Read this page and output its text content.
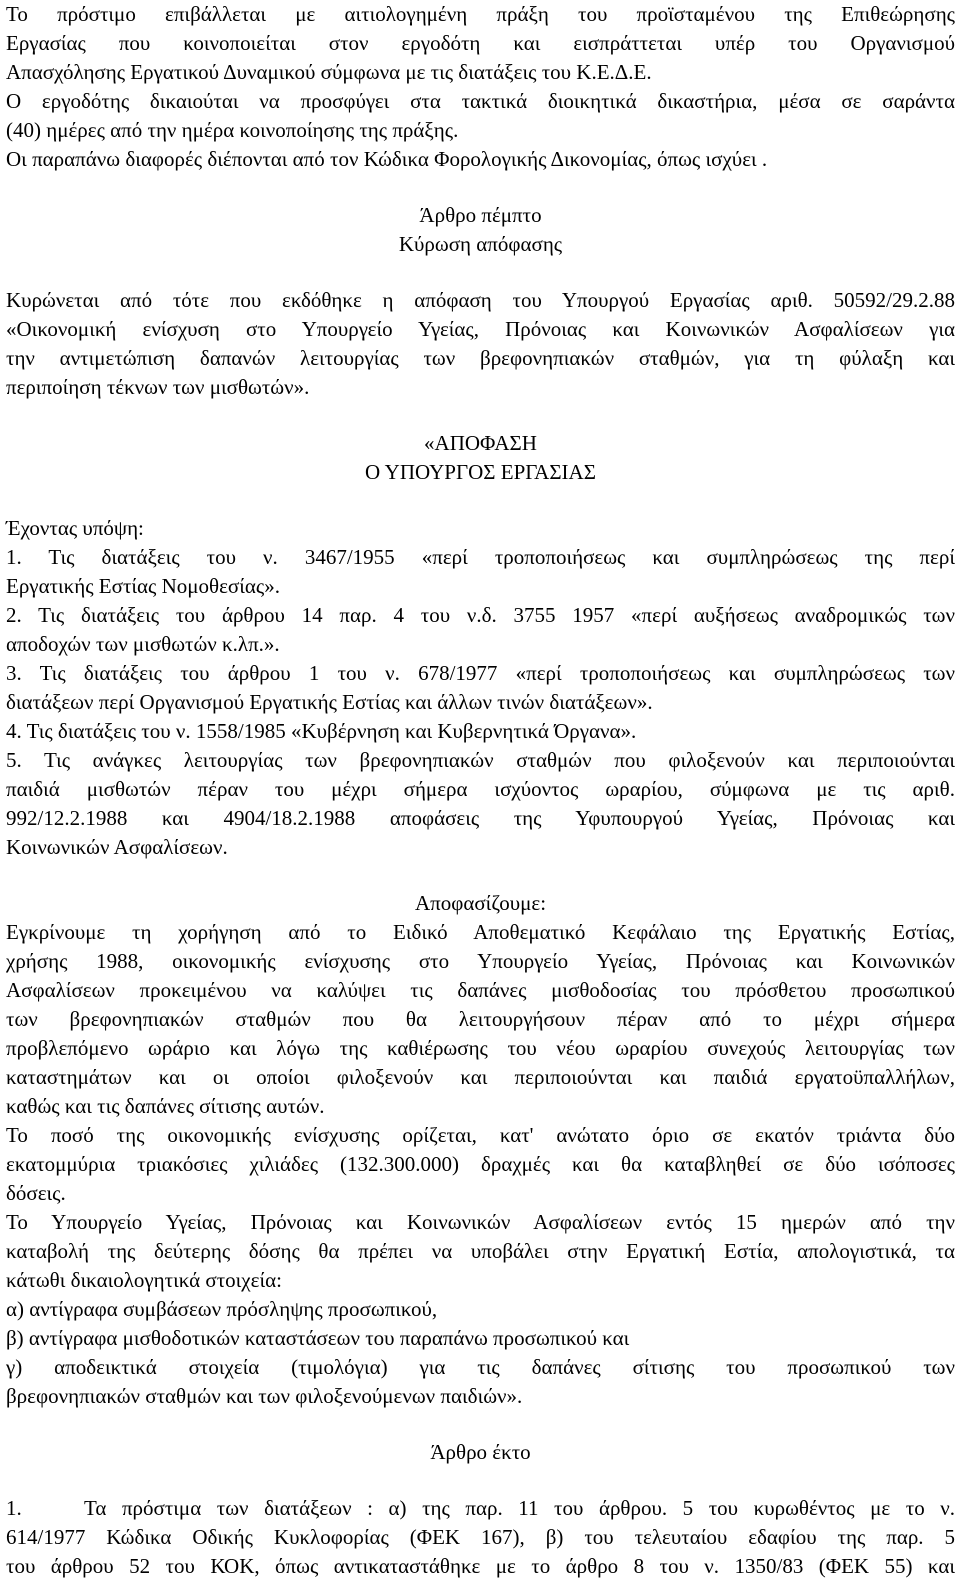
Το πρόστιμο επιβάλλεται με αιτιολογημένη πράξη του προϊσταμένου της Επιθεώρησης
Εργασίας που κοινοποιείται στον εργοδότη και εισπράττεται υπέρ του Οργανισμού
Απασχόλησης Εργατικού Δυναμικού σύμφωνα με τις διατάξεις του Κ.Ε.Δ.Ε.
Ο εργοδότης δικαιούται να προσφύγει στα τακτικά διοικητικά δικαστήρια, μέσα σε σαράντα
(40) ημέρες από την ημέρα κοινοποίησης της πράξης.
Οι παραπάνω διαφορές διέπονται από τον Κώδικα Φορολογικής Δικονομίας, όπως ισχύει .
Άρθρο πέμπτο
Κύρωση απόφασης
Κυρώνεται από τότε που εκδόθηκε η απόφαση του Υπουργού Εργασίας αριθ. 50592/29.2.88
«Οικονομική ενίσχυση στο Υπουργείο Υγείας, Πρόνοιας και Κοινωνικών Ασφαλίσεων για
την αντιμετώπιση δαπανών λειτουργίας των βρεφονηπιακών σταθμών, για τη φύλαξη και
περιποίηση τέκνων των μισθωτών».
«ΑΠΟΦΑΣΗ
Ο ΥΠΟΥΡΓΟΣ ΕΡΓΑΣΙΑΣ
Έχοντας υπόψη:
1. Τις διατάξεις του ν. 3467/1955 «περί τροποποιήσεως και συμπληρώσεως της περί
Εργατικής Εστίας Νομοθεσίας».
2. Τις διατάξεις του άρθρου 14 παρ. 4 του ν.δ. 3755 1957 «περί αυξήσεως αναδρομικώς των
αποδοχών των μισθωτών κ.λπ.».
3. Τις διατάξεις του άρθρου 1 του ν. 678/1977 «περί τροποποιήσεως και συμπληρώσεως των
διατάξεων περί Οργανισμού Εργατικής Εστίας και άλλων τινών διατάξεων».
4. Τις διατάξεις του ν. 1558/1985 «Κυβέρνηση και Κυβερνητικά Όργανα».
5. Τις ανάγκες λειτουργίας των βρεφονηπιακών σταθμών που φιλοξενούν και περιποιούνται
παιδιά μισθωτών πέραν του μέχρι σήμερα ισχύοντος ωραρίου, σύμφωνα με τις αριθ.
992/12.2.1988 και 4904/18.2.1988 αποφάσεις της Υφυπουργού Υγείας, Πρόνοιας και
Κοινωνικών Ασφαλίσεων.
Αποφασίζουμε:
Εγκρίνουμε τη χορήγηση από το Ειδικό Αποθεματικό Κεφάλαιο της Εργατικής Εστίας,
χρήσης 1988, οικονομικής ενίσχυσης στο Υπουργείο Υγείας, Πρόνοιας και Κοινωνικών
Ασφαλίσεων προκειμένου να καλύψει τις δαπάνες μισθοδοσίας του πρόσθετου προσωπικού
των βρεφονηπιακών σταθμών που θα λειτουργήσουν πέραν από το μέχρι σήμερα
προβλεπόμενο ωράριο και λόγω της καθιέρωσης του νέου ωραρίου συνεχούς λειτουργίας των
καταστημάτων και οι οποίοι φιλοξενούν και περιποιούνται και παιδιά εργατοϋπαλλήλων,
καθώς και τις δαπάνες σίτισης αυτών.
Το ποσό της οικονομικής ενίσχυσης ορίζεται, κατ' ανώτατο όριο σε εκατόν τριάντα δύο
εκατομμύρια τριακόσιες χιλιάδες (132.300.000) δραχμές και θα καταβληθεί σε δύο ισόποσες
δόσεις.
Το Υπουργείο Υγείας, Πρόνοιας και Κοινωνικών Ασφαλίσεων εντός 15 ημερών από την
καταβολή της δεύτερης δόσης θα πρέπει να υποβάλει στην Εργατική Εστία, απολογιστικά, τα
κάτωθι δικαιολογητικά στοιχεία:
α) αντίγραφα συμβάσεων πρόσληψης προσωπικού,
β) αντίγραφα μισθοδοτικών καταστάσεων του παραπάνω προσωπικού και
γ) αποδεικτικά στοιχεία (τιμολόγια) για τις δαπάνες σίτισης του προσωπικού των
βρεφονηπιακών σταθμών και των φιλοξενούμενων παιδιών».
Άρθρο έκτο
1.	Τα πρόστιμα των διατάξεων : α) της παρ. 11 του άρθρου. 5 του κυρωθέντος με το ν.
614/1977 Κώδικα Οδικής Κυκλοφορίας (ΦΕΚ 167), β) του τελευταίου εδαφίου της παρ. 5
του άρθρου 52 του ΚΟΚ, όπως αντικαταστάθηκε με το άρθρο 8 του ν. 1350/83 (ΦΕΚ 55) και
